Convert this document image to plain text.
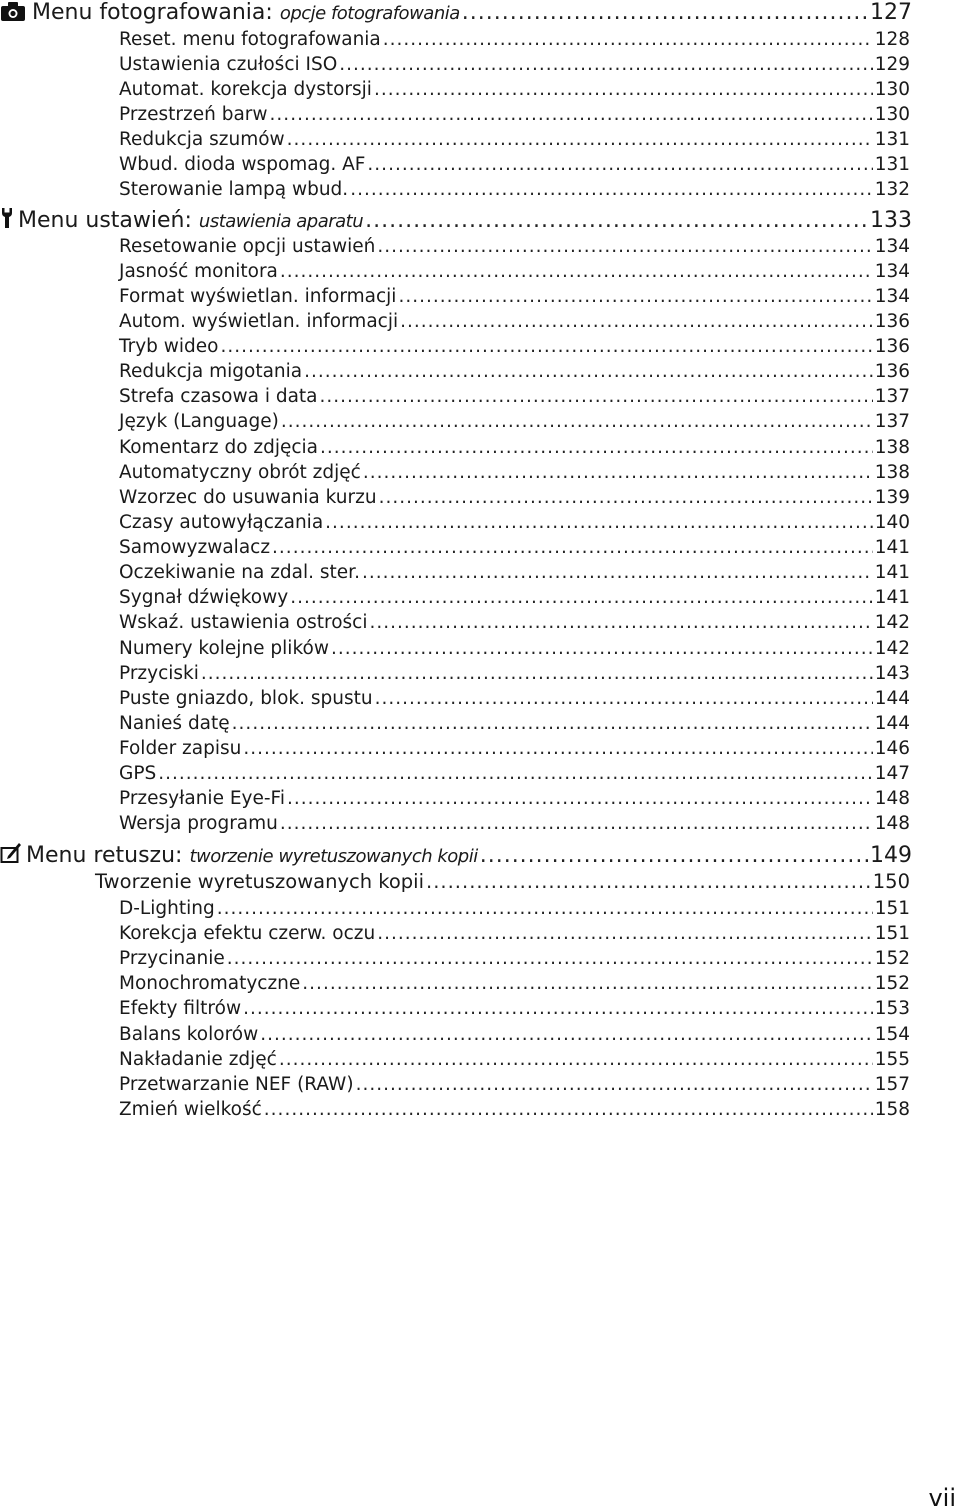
Menu fotografowania: opcje fotografowania .....	127
Reset. menu fotografowania .....	128
Ustawienia czułości ISO .....	129
Automat. korekcja dystorsji .....	130
Przestrzeń barw .....	130
Redukcja szumów .....	131
Wbud. dioda wspomag. AF .....	131
Sterowanie lampą wbud. .....	132
Menu ustawień: ustawienia aparatu .....	133
Resetowanie opcji ustawień .....	134
Jasność monitora .....	134
Format wyświetlan. informacji .....	134
Autom. wyświetlan. informacji .....	136
Tryb wideo .....	136
Redukcja migotania .....	136
Strefa czasowa i data .....	137
Język (Language) .....	137
Komentarz do zdjęcia .....	138
Automatyczny obrót zdjęć .....	138
Wzorzec do usuwania kurzu .....	139
Czasy autowyłączania .....	140
Samowyzwalacz .....	141
Oczekiwanie na zdal. ster. .....	141
Sygnał dźwiękowy .....	141
Wskaź. ustawienia ostrości .....	142
Numery kolejne plików .....	142
Przyciski .....	143
Puste gniazdo, blok. spustu .....	144
Nanieś datę .....	144
Folder zapisu .....	146
GPS .....	147
Przesyłanie Eye-Fi .....	148
Wersja programu .....	148
Menu retuszu: tworzenie wyretuszowanych kopii .....	149
Tworzenie wyretuszowanych kopii .....	150
D-Lighting .....	151
Korekcja efektu czerw. oczu .....	151
Przycinanie .....	152
Monochromatyczne .....	152
Efekty filtrów .....	153
Balans kolorów .....	154
Nakładanie zdjęć .....	155
Przetwarzanie NEF (RAW) .....	157
Zmień wielkość .....	158
vii
